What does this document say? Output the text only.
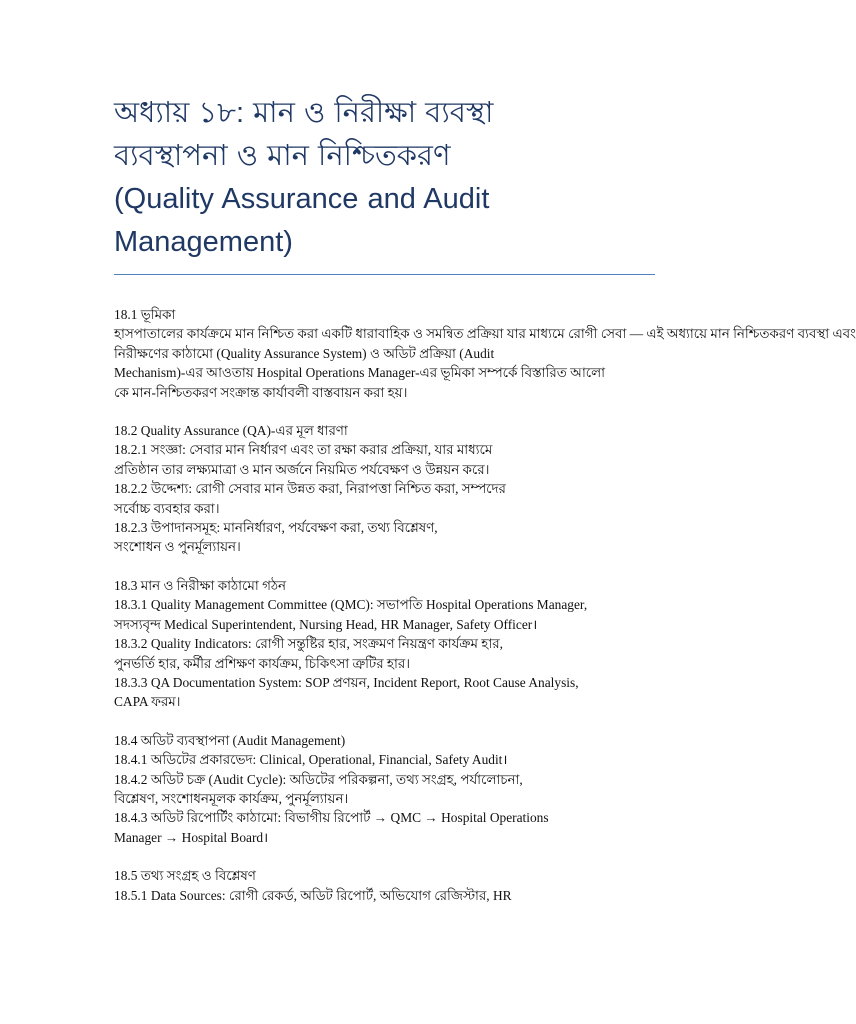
অধ্যায় ১৮: মান ও নিরীক্ষা ব্যবস্থা
ব্যবস্থাপনা ও মান নিশ্চিতকরণ
(Quality Assurance and Audit Management)

18.1 ভূমিকা

হাসপাতালের কার্যক্রমে মান নিশ্চিত করা একটি ধারাবাহিক ও সমন্বিত প্রক্রিয়া যার মাধ্যমে রোগী সেবা — এই অধ্যায়ে মান নিশ্চিতকরণ ব্যবস্থা এবং

নিরীক্ষণের কাঠামো (Quality Assurance System) ও অডিট প্রক্রিয়া (Audit

Mechanism)-এর আওতায় Hospital Operations Manager-এর ভূমিকা সম্পর্কে বিস্তারিত আলো

কে মান-নিশ্চিতকরণ সংক্রান্ত কার্যাবলী বাস্তবায়ন করা হয়।

18.2 Quality Assurance (QA)-এর মূল ধারণা

18.2.1 সংজ্ঞা: সেবার মান নির্ধারণ এবং তা রক্ষা করার প্রক্রিয়া, যার মাধ্যমে

প্রতিষ্ঠান তার লক্ষ্যমাত্রা ও মান অর্জনে নিয়মিত পর্যবেক্ষণ ও উন্নয়ন করে।

18.2.2 উদ্দেশ্য: রোগী সেবার মান উন্নত করা, নিরাপত্তা নিশ্চিত করা, সম্পদের

সর্বোচ্চ ব্যবহার করা।

18.2.3 উপাদানসমূহ: মাননির্ধারণ, পর্যবেক্ষণ করা, তথ্য বিশ্লেষণ,

সংশোধন ও পুনর্মূল্যায়ন।

18.3 মান ও নিরীক্ষা কাঠামো গঠন

18.3.1 Quality Management Committee (QMC): সভাপতি Hospital Operations Manager,

সদস্যবৃন্দ Medical Superintendent, Nursing Head, HR Manager, Safety Officer।

18.3.2 Quality Indicators: রোগী সন্তুষ্টির হার, সংক্রমণ নিয়ন্ত্রণ কার্যক্রম হার,

পুনর্ভর্তি হার, কর্মীর প্রশিক্ষণ কার্যক্রম, চিকিৎসা ত্রুটির হার।

18.3.3 QA Documentation System: SOP প্রণয়ন, Incident Report, Root Cause Analysis,

CAPA ফরম।

18.4 অডিট ব্যবস্থাপনা (Audit Management)

18.4.1 অডিটের প্রকারভেদ: Clinical, Operational, Financial, Safety Audit।

18.4.2 অডিট চক্র (Audit Cycle): অডিটের পরিকল্পনা, তথ্য সংগ্রহ, পর্যালোচনা,

বিশ্লেষণ, সংশোধনমূলক কার্যক্রম, পুনর্মূল্যায়ন।

18.4.3 অডিট রিপোর্টিং কাঠামো: বিভাগীয় রিপোর্ট → QMC → Hospital Operations

Manager → Hospital Board।

18.5 তথ্য সংগ্রহ ও বিশ্লেষণ

18.5.1 Data Sources: রোগী রেকর্ড, অডিট রিপোর্ট, অভিযোগ রেজিস্টার, HR
